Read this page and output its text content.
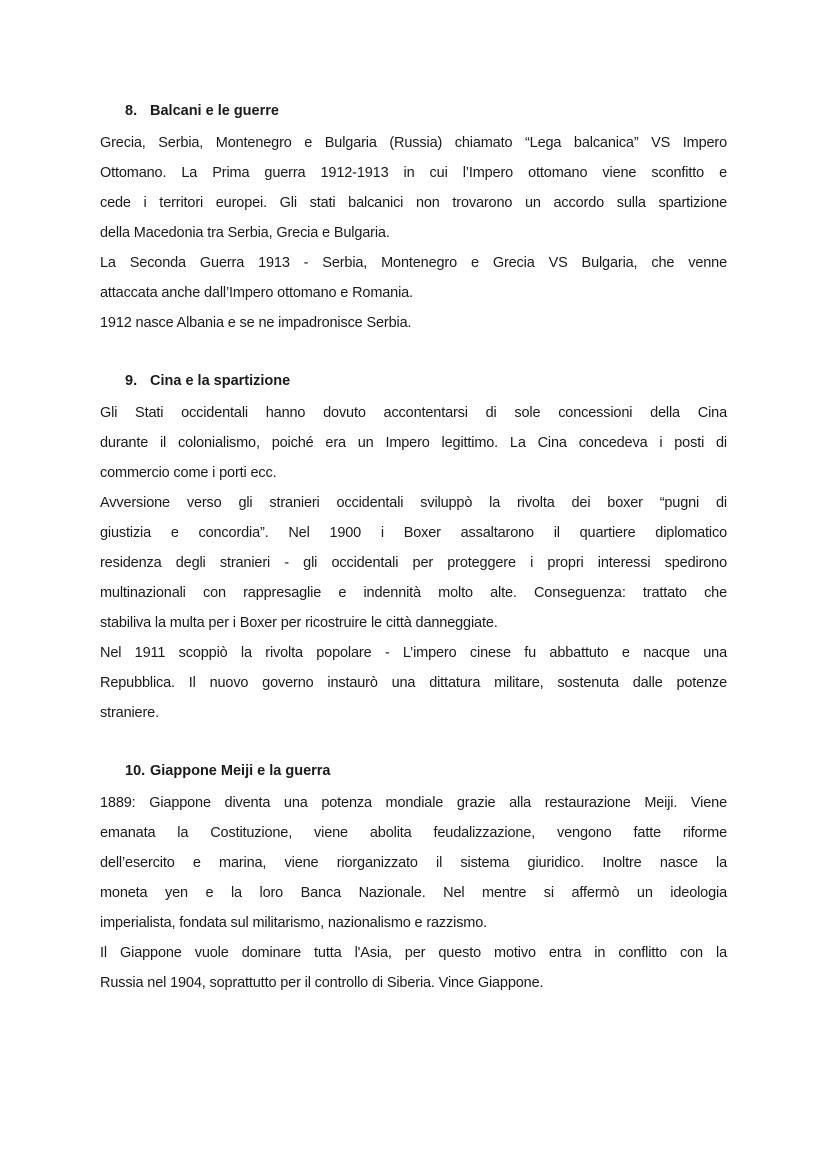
8. Balcani e le guerre
Grecia, Serbia, Montenegro e Bulgaria (Russia) chiamato “Lega balcanica” VS Impero
Ottomano. La Prima guerra 1912-1913 in cui l’Impero ottomano viene sconfitto e
cede i territori europei. Gli stati balcanici non trovarono un accordo sulla spartizione
della Macedonia tra Serbia, Grecia e Bulgaria.
La Seconda Guerra 1913 - Serbia, Montenegro e Grecia VS Bulgaria, che venne
attaccata anche dall’Impero ottomano e Romania.
1912 nasce Albania e se ne impadronisce Serbia.
9. Cina e la spartizione
Gli Stati occidentali hanno dovuto accontentarsi di sole concessioni della Cina
durante il colonialismo, poiché era un Impero legittimo. La Cina concedeva i posti di
commercio come i porti ecc.
Avversione verso gli stranieri occidentali sviluppò la rivolta dei boxer “pugni di
giustizia e concordia”. Nel 1900 i Boxer assaltarono il quartiere diplomatico
residenza degli stranieri - gli occidentali per proteggere i propri interessi spedirono
multinazionali con rappresaglie e indennità molto alte. Conseguenza: trattato che
stabiliva la multa per i Boxer per ricostruire le città danneggiate.
Nel 1911 scoppiò la rivolta popolare - L’impero cinese fu abbattuto e nacque una
Repubblica. Il nuovo governo instaurò una dittatura militare, sostenuta dalle potenze
straniere.
10. Giappone Meiji e la guerra
1889: Giappone diventa una potenza mondiale grazie alla restaurazione Meiji. Viene
emanata la Costituzione, viene abolita feudalizzazione, vengono fatte riforme
dell’esercito e marina, viene riorganizzato il sistema giuridico. Inoltre nasce la
moneta yen e la loro Banca Nazionale. Nel mentre si affermò un ideologia
imperialista, fondata sul militarismo, nazionalismo e razzismo.
Il Giappone vuole dominare tutta l'Asia, per questo motivo entra in conflitto con la
Russia nel 1904, soprattutto per il controllo di Siberia. Vince Giappone.
